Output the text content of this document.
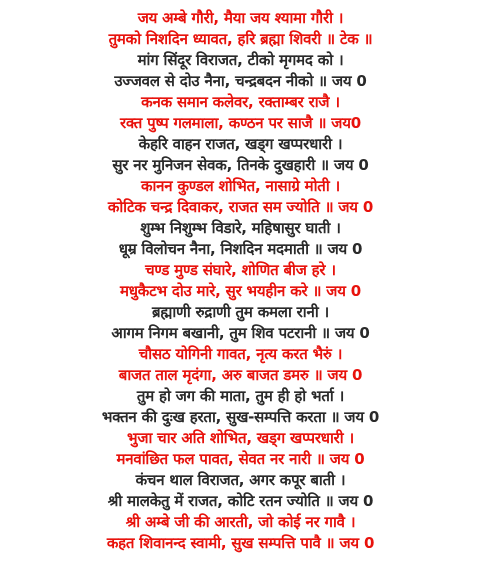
जय अम्बे गौरी, मैया जय श्यामा गौरी ।
तुमको निशदिन ध्यावत, हरि ब्रह्मा शिवरी ॥ टेक ॥
मांग सिंदूर विराजत, टीको मृगमद को ।
उज्जवल से दोउ नैना, चन्द्रबदन नीको ॥ जय 0
कनक समान कलेवर, रक्ताम्बर राजै ।
रक्त पुष्प गलमाला, कण्ठन पर साजै ॥ जय0
केहरि वाहन राजत, खड्ग खप्परधारी ।
सुर नर मुनिजन सेवक, तिनके दुखहारी ॥ जय 0
कानन कुण्डल शोभित, नासाग्रे मोती ।
कोटिक चन्द्र दिवाकर, राजत सम ज्योति ॥ जय 0
शुम्भ निशुम्भ विडारे, महिषासुर घाती ।
धूम्र विलोचन नैना, निशदिन मदमाती ॥ जय 0
चण्ड मुण्ड संघारे, शोणित बीज हरे ।
मधुकैटभ दोउ मारे, सुर भयहीन करे ॥ जय 0
ब्रह्माणी रुद्राणी तुम कमला रानी ।
आगम निगम बखानी, तुम शिव पटरानी ॥ जय 0
चौसठ योगिनी गावत, नृत्य करत भैरुं ।
बाजत ताल मृदंगा, अरु बाजत डमरु ॥ जय 0
तुम हो जग की माता, तुम ही हो भर्ता ।
भक्तन की दुःख हरता, सुख-सम्पत्ति करता ॥ जय 0
भुजा चार अति शोभित, खड्ग खप्परधारी ।
मनवांछित फल पावत, सेवत नर नारी ॥ जय 0
कंचन थाल विराजत, अगर कपूर बाती ।
श्री मालकेतु में राजत, कोटि रतन ज्योति ॥ जय 0
श्री अम्बे जी की आरती, जो कोई नर गावै ।
कहत शिवानन्द स्वामी, सुख सम्पत्ति पावै ॥ जय 0
